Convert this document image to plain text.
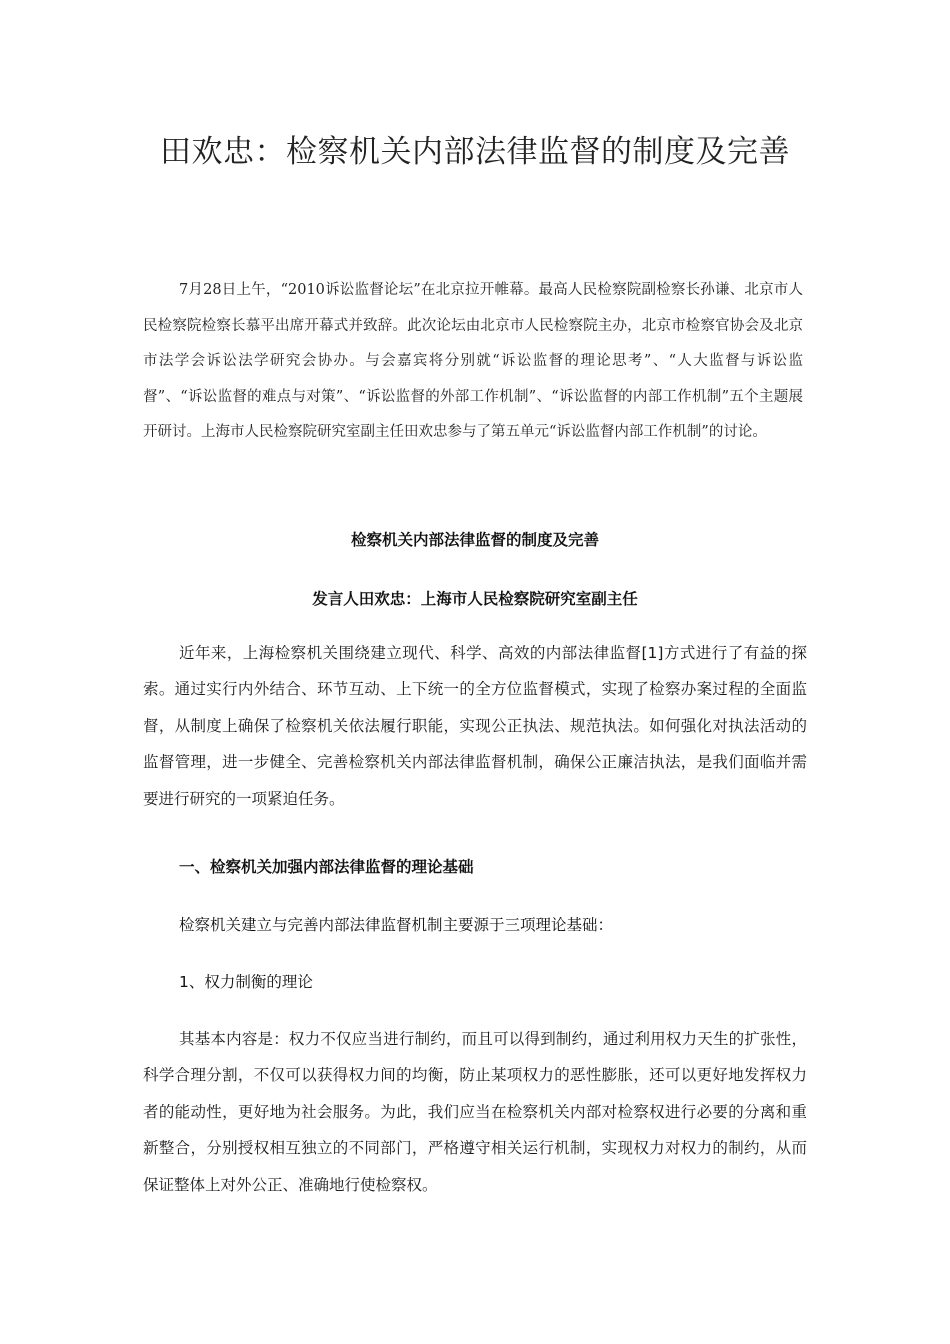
田欢忠：检察机关内部法律监督的制度及完善

7月28日上午，“2010诉讼监督论坛”在北京拉开帷幕。最高人民检察院副检察长孙谦、北京市人民检察院检察长慕平出席开幕式并致辞。此次论坛由北京市人民检察院主办，北京市检察官协会及北京市法学会诉讼法学研究会协办。与会嘉宾将分别就“诉讼监督的理论思考”、“人大监督与诉讼监督”、“诉讼监督的难点与对策”、“诉讼监督的外部工作机制”、“诉讼监督的内部工作机制”五个主题展开研讨。上海市人民检察院研究室副主任田欢忠参与了第五单元“诉讼监督内部工作机制”的讨论。

检察机关内部法律监督的制度及完善

发言人田欢忠：上海市人民检察院研究室副主任

近年来，上海检察机关围绕建立现代、科学、高效的内部法律监督[1]方式进行了有益的探索。通过实行内外结合、环节互动、上下统一的全方位监督模式，实现了检察办案过程的全面监督，从制度上确保了检察机关依法履行职能，实现公正执法、规范执法。如何强化对执法活动的监督管理，进一步健全、完善检察机关内部法律监督机制，确保公正廉洁执法，是我们面临并需要进行研究的一项紧迫任务。

一、检察机关加强内部法律监督的理论基础

检察机关建立与完善内部法律监督机制主要源于三项理论基础：

1、权力制衡的理论

其基本内容是：权力不仅应当进行制约，而且可以得到制约，通过利用权力天生的扩张性，科学合理分割，不仅可以获得权力间的均衡，防止某项权力的恶性膨胀，还可以更好地发挥权力者的能动性，更好地为社会服务。为此，我们应当在检察机关内部对检察权进行必要的分离和重新整合，分别授权相互独立的不同部门，严格遵守相关运行机制，实现权力对权力的制约，从而保证整体上对外公正、准确地行使检察权。
